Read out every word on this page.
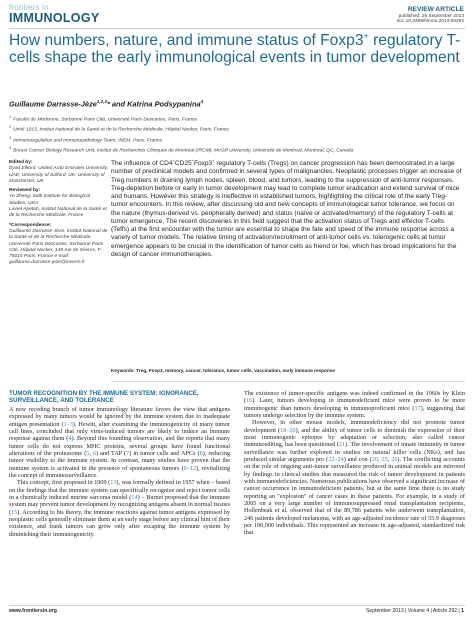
frontiers in
IMMUNOLOGY
REVIEW ARTICLE
published: 26 September 2013
doi: 10.3389/fimmu.2013.00292
How numbers, nature, and immune status of Foxp3+ regulatory T-cells shape the early immunological events in tumor development
Guillaume Darrasse-Jèze$^{1,2,3}$* and Katrina Podsypanina$^4$
$^1$Faculté de Médecine, Sorbonne Paris Cité, Université Paris Descartes, Paris, France
$^2$Unité 1013, Institut National de la Santé et de la Recherche Médicale, Hôpital Necker, Paris, France
$^3$Immunoregulation and Immunopathology Team, INEM, Paris, France
$^4$Breast Cancer Biology Research Unit, Institut de Recherches Cliniques de Montréal (IRCM), McGill University, Université de Montreal, Montreal, QC, Canada
Edited by:
Eyad Elkord, United Arab Emirates University, UAE; University of Salford, UK; University of Manchester, UK
Reviewed by:
Ye Zheng, Salk Institute for Biological Studies, USA
Lionel Apetoh, Institut National de la Santé et de la Recherche Médicale, France
*Correspondence:
Guillaume Darrasse-Jèze, Institut National de la Santé et de la Recherche Médicale, Université Paris Descartes, Sorbonne Paris Cité, Hôpital Necker, 149 rue de Sèvres, F-75015 Paris, France e-mail: guillaume.darrasse-jeze@inserm.fr
The influence of CD4+CD25+Foxp3+ regulatory T-cells (Tregs) on cancer progression has been demonstrated in a large number of preclinical models and confirmed in several types of malignancies. Neoplastic processes trigger an increase of Treg numbers in draining lymph nodes, spleen, blood, and tumors, leading to the suppression of anti-tumor responses. Treg-depletion before or early in tumor development may lead to complete tumor eradication and extend survival of mice and humans. However this strategy is ineffective in established tumors, highlighting the critical role of the early Treg-tumor encounters. In this review, after discussing old and new concepts of immunological tumor tolerance, we focus on the nature (thymus-derived vs. peripherally derived) and status (naïve or activated/memory) of the regulatory T-cells at tumor emergence. The recent discoveries in this field suggest that the activation status of Tregs and effector T-cells (Teffs) at the first encounter with the tumor are essential to shape the fate and speed of the immune response across a variety of tumor models. The relative timing of activation/recruitment of anti-tumor cells vs. tolerogenic cells at tumor emergence appears to be crucial in the identification of tumor cells as friend or foe, which has broad implications for the design of cancer immunotherapies.
Keywords: Treg, Foxp3, memory, cancer, tolerance, tumor cells, vaccination, early immune response
TUMOR RECOGNITION BY THE IMMUNE SYSTEM: IGNORANCE, SURVEILLANCE, AND TOLERANCE

A now receding branch of tumor immunology literature favors the view that antigens expressed by many tumors would be ignored by the immune system due to inadequate antigen presentation (1–3). Hewitt, after examining the immunogenicity of many tumor cell lines, concluded that only virus-induced tumors are likely to induce an immune response against them (4). Beyond this founding observation, and the reports that many tumor cells do not express MHC proteins, several groups have found functional alterations of the proteasome (5, 6) and TAP (7) in tumor cells and APCs (8), reducing tumor visibility to the immune system. In contrast, many studies have proven that the immune system is activated in the presence of spontaneous tumors (9–12), revitalizing the concept of immunosurveillance.

This concept, first proposed in 1909 (13), was formally defined in 1957 when – based on the findings that the immune system can specifically recognize and reject tumor cells in a chemically induced murine sarcoma model (14) – Burnet proposed that the immune system may prevent tumor development by recognizing antigens absent in normal tissues (15). According to his theory, the immune reactions against tumor antigens expressed by neoplastic cells generally eliminate them at an early stage before any clinical hint of their existence, and frank tumors can grow only after escaping the immune system by diminishing their immunogenicity.

The existence of tumor-specific antigens was indeed confirmed in the 1960s by Klein (16). Later, tumors developing in immunodeficient mice were proven to be more immunogenic than tumors developing in immunoproficient mice (17), suggesting that tumors undergo selection by the immune system.

However, in other mouse models, immunodeficiency did not promote tumor development (18–20), and the ability of tumor cells to diminish the expression of their most immunogenic epitopes by adaptation or selection, also called cancer immunoediting, has been questioned (21). The involvement of innate immunity in tumor surveillance was further explored in studies on natural killer cells (NKs), and has produced similar arguments pro (22–24) and con (20, 25, 26). The conflicting accounts on the role of ongoing anti-tumor surveillance produced in animal models are mirrored by findings in clinical studies that measured the risk of tumor development in patients with immunodeficiencies. Numerous publications have observed a significant increase of cancer occurrence in immunodeficient patients, but at the same time there is no study reporting an "explosion" of cancer cases in these patients. For example, in a study of 2005 on a very large number of immunosuppressed renal transplantation recipients, Hollenbeak et al. observed that of the 89,786 patients who underwent transplantation, 246 patients developed melanoma, with an age-adjusted incidence rate of 55.9 diagnoses per 100,000 individuals. This represented an increase in age-adjusted, standardized risk that

www.frontiersin.org	September 2013 | Volume 4 | Article 292 | 1
